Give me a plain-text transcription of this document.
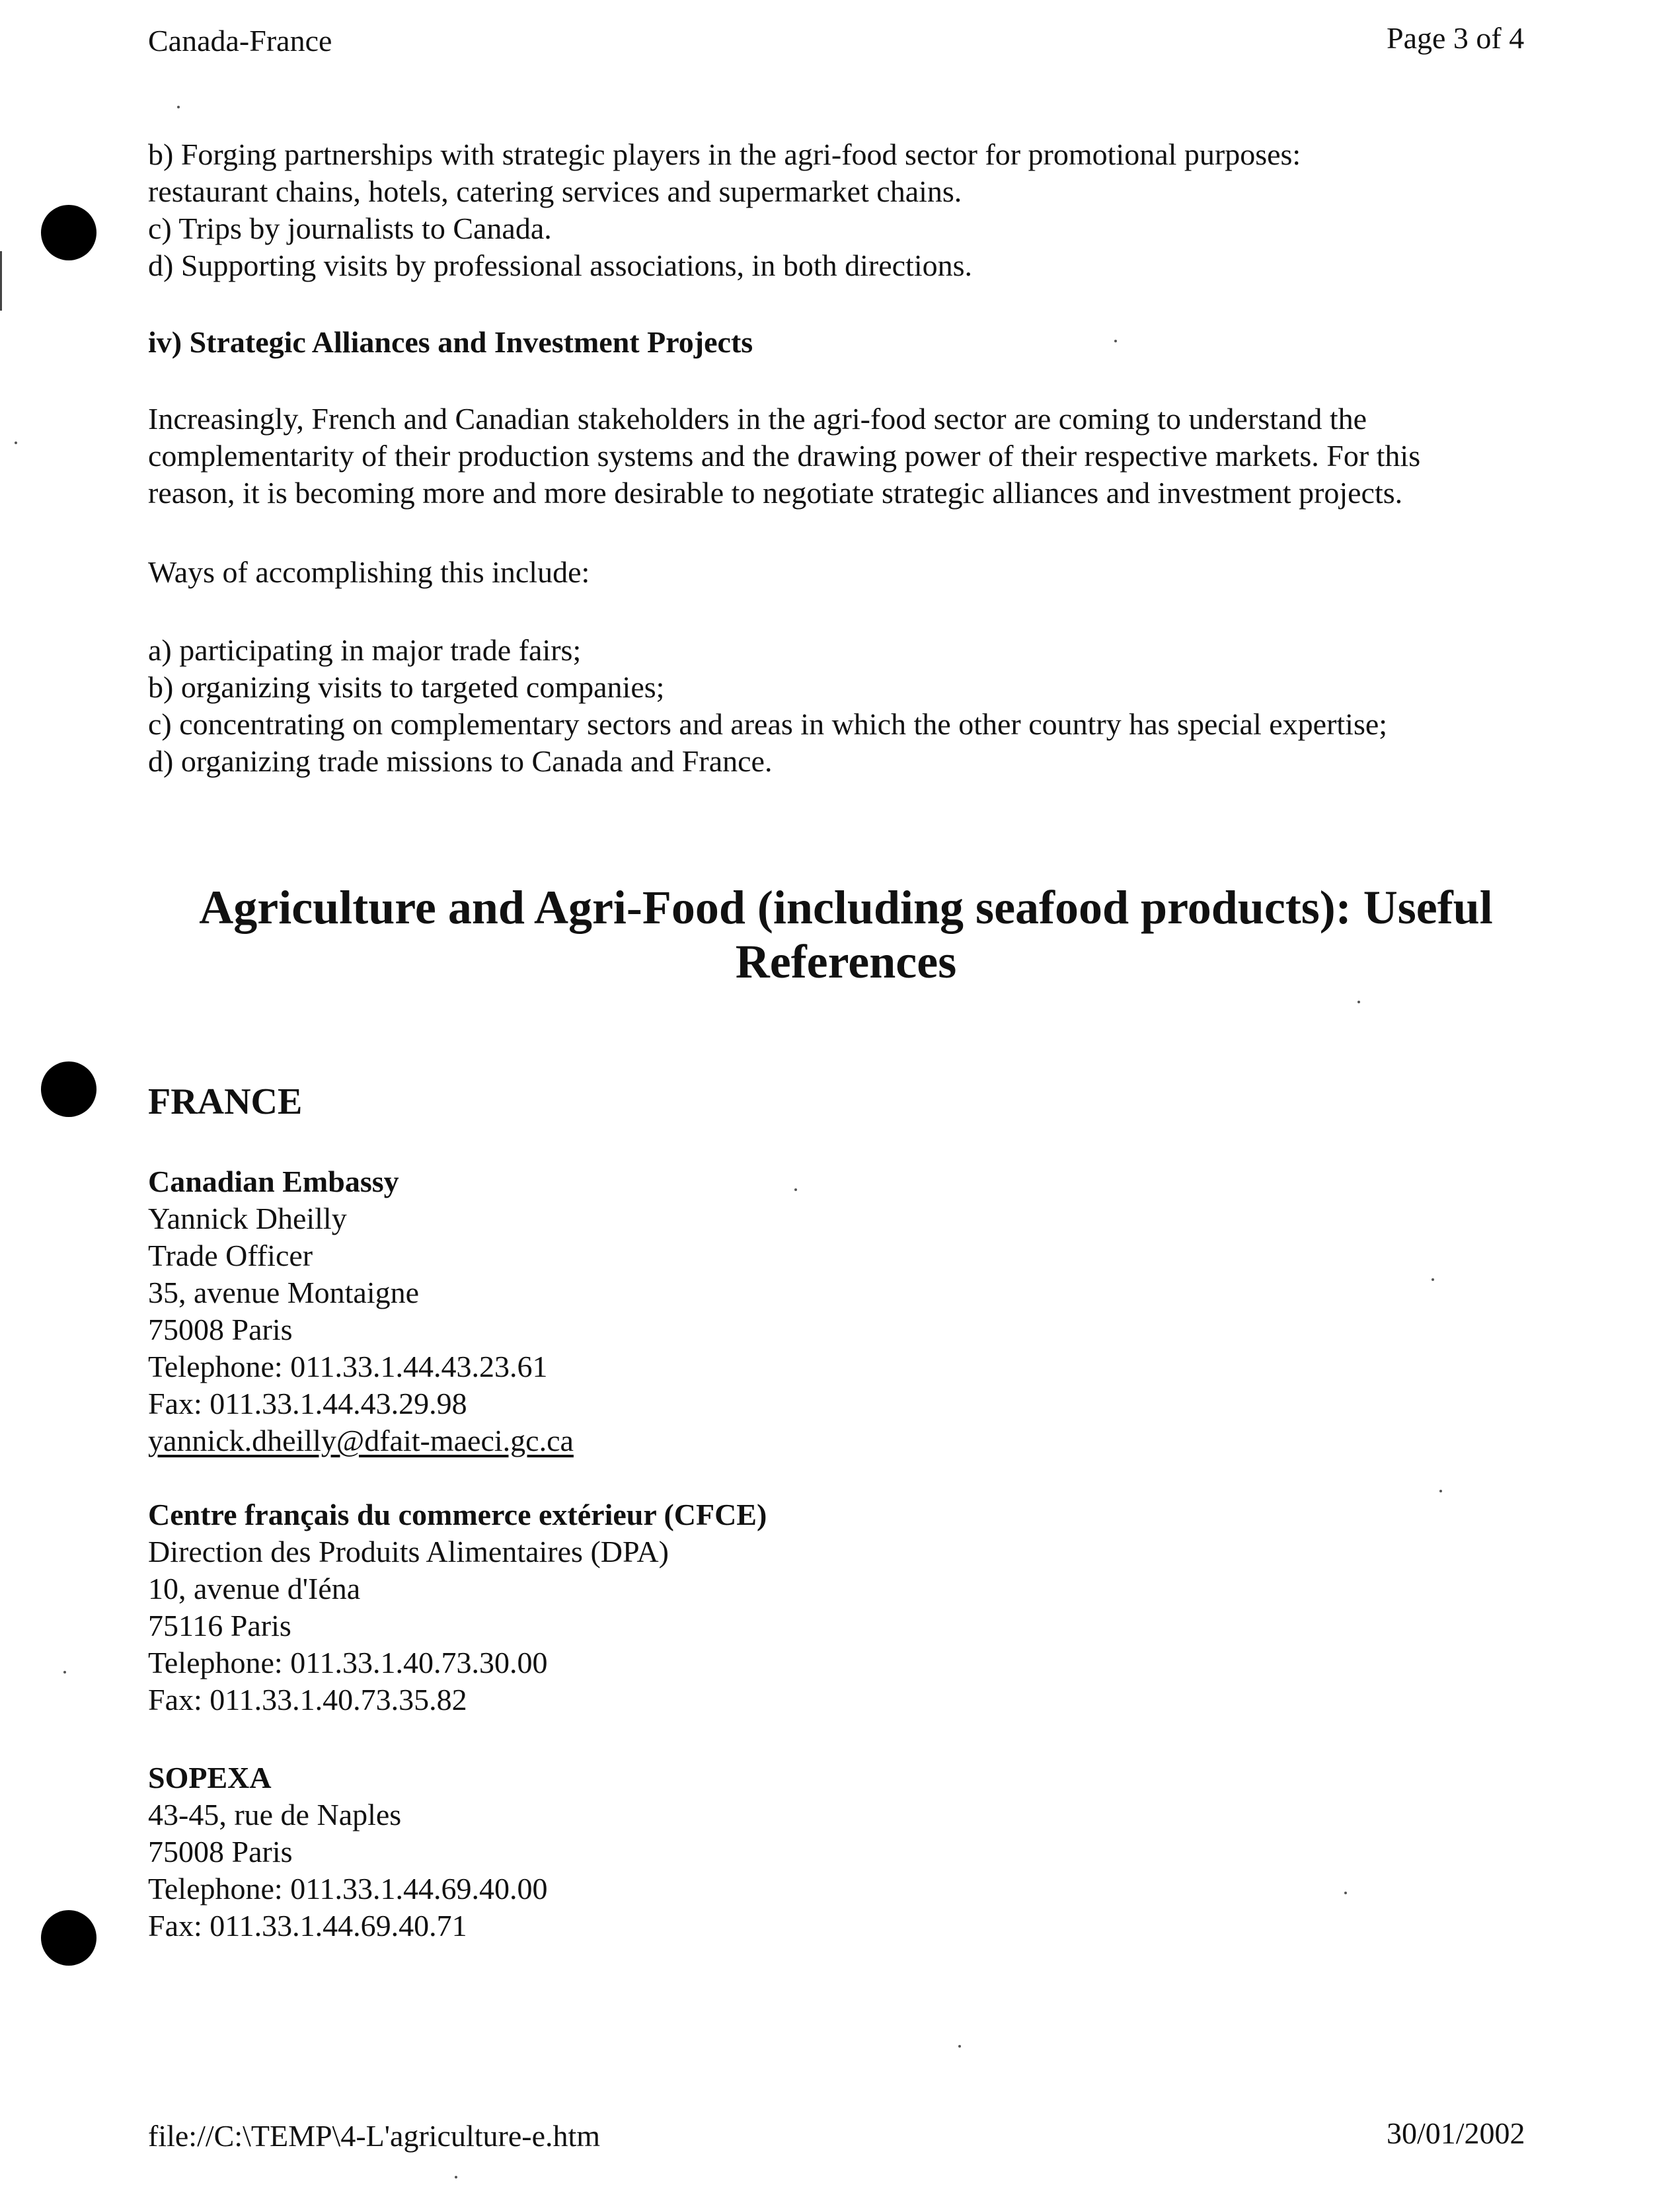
Canada-France	Page 3 of 4
b) Forging partnerships with strategic players in the agri-food sector for promotional purposes:
restaurant chains, hotels, catering services and supermarket chains.
c) Trips by journalists to Canada.
d) Supporting visits by professional associations, in both directions.
iv) Strategic Alliances and Investment Projects
Increasingly, French and Canadian stakeholders in the agri-food sector are coming to understand the
complementarity of their production systems and the drawing power of their respective markets. For this
reason, it is becoming more and more desirable to negotiate strategic alliances and investment projects.
Ways of accomplishing this include:
a) participating in major trade fairs;
b) organizing visits to targeted companies;
c) concentrating on complementary sectors and areas in which the other country has special expertise;
d) organizing trade missions to Canada and France.
Agriculture and Agri-Food (including seafood products): Useful
References
FRANCE
Canadian Embassy
Yannick Dheilly
Trade Officer
35, avenue Montaigne
75008 Paris
Telephone: 011.33.1.44.43.23.61
Fax: 011.33.1.44.43.29.98
yannick.dheilly@dfait-maeci.gc.ca
Centre français du commerce extérieur (CFCE)
Direction des Produits Alimentaires (DPA)
10, avenue d'Iéna
75116 Paris
Telephone: 011.33.1.40.73.30.00
Fax: 011.33.1.40.73.35.82
SOPEXA
43-45, rue de Naples
75008 Paris
Telephone: 011.33.1.44.69.40.00
Fax: 011.33.1.44.69.40.71
file://C:\TEMP\4-L'agriculture-e.htm	30/01/2002
